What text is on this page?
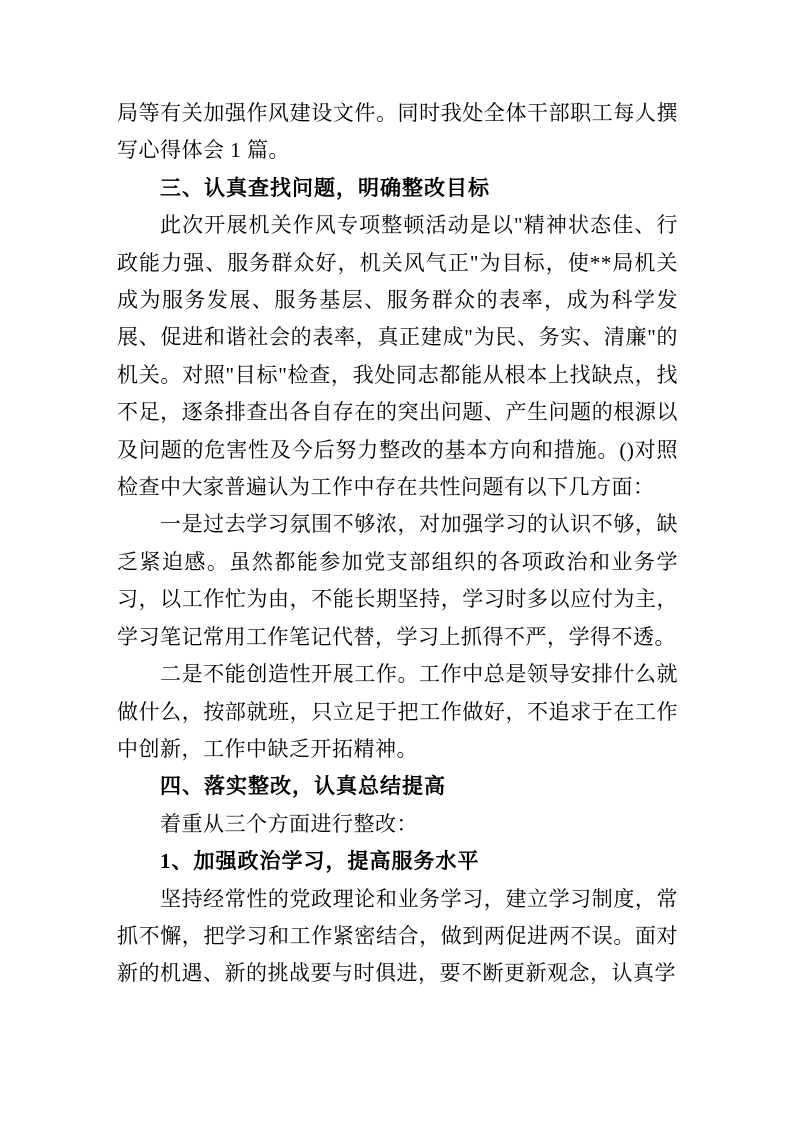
局等有关加强作风建设文件。同时我处全体干部职工每人撰写心得体会 1 篇。

三、认真查找问题，明确整改目标

此次开展机关作风专项整顿活动是以"精神状态佳、行政能力强、服务群众好，机关风气正"为目标，使**局机关成为服务发展、服务基层、服务群众的表率，成为科学发展、促进和谐社会的表率，真正建成"为民、务实、清廉"的机关。对照"目标"检查，我处同志都能从根本上找缺点，找不足，逐条排查出各自存在的突出问题、产生问题的根源以及问题的危害性及今后努力整改的基本方向和措施。()对照检查中大家普遍认为工作中存在共性问题有以下几方面：

一是过去学习氛围不够浓，对加强学习的认识不够，缺乏紧迫感。虽然都能参加党支部组织的各项政治和业务学习，以工作忙为由，不能长期坚持，学习时多以应付为主，学习笔记常用工作笔记代替，学习上抓得不严，学得不透。

二是不能创造性开展工作。工作中总是领导安排什么就做什么，按部就班，只立足于把工作做好，不追求于在工作中创新，工作中缺乏开拓精神。

四、落实整改，认真总结提高

着重从三个方面进行整改：

1、加强政治学习，提高服务水平

坚持经常性的党政理论和业务学习，建立学习制度，常抓不懈，把学习和工作紧密结合，做到两促进两不误。面对新的机遇、新的挑战要与时俱进，要不断更新观念，认真学
